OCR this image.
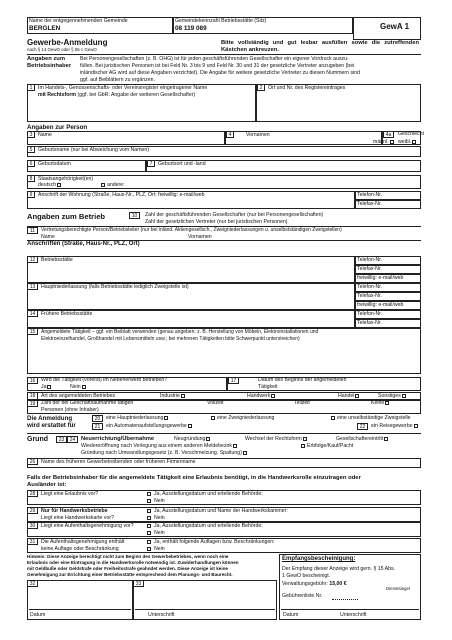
Name der entgegennehmenden Gemeinde
BERGLEN
Gemeindekennzahl Betriebsstätte (Sitz)
08 119 089	GewA 1
Gewerbe-Anmeldung
nach § 14 GewO oder § 55 c GewO
Bitte vollständig und gut lesbar ausfüllen sowie die zutreffenden Kästchen ankreuzen.
Angaben zum
Betriebsinhaber
Bei Personengesellschaften (z. B. OHG) ist für jeden geschäftsführenden Gesellschafter ein eigener Vordruck auszu-
füllen. Bei juristischen Personen ist bei Feld Nr. 3 bis 9 und Feld Nr. 30 und 31 der gesetzliche Vertreter anzugeben (bei
inländischer AG wird auf diese Angaben verzichtet). Die Angabe für weitere gesetzliche Vertreter zu diesen Nummern sind
ggf. auf Beiblättern zu ergänzen.
1	Im Handels-, Genossenschafts- oder Vereinsregister eingetragener Name
mit Rechtsform (ggf. bei GbR: Angabe der weiteren Gesellschafter)
2	Ort und Nr. des Registereintrages
Angaben zur Person
3	Name	4	Vornamen	4a	Geschlecht
männl.	weibl.
5	Geburtsname (nur bei Abweichung vom Namen)
6	Geburtsdatum	7	Geburtsort und -land
8	Staatsangehörigkeit(en)
deutsch	andere:
9	Anschrift der Wohnung (Straße, Haus-Nr., PLZ, Ort; freiwillig: e-mail/web	Telefon-Nr.
Telefax-Nr.
Angaben zum Betrieb	10	Zahl der geschäftsführenden Gesellschafter (nur bei Personengesellschaften)
Zahl der gesetzlichen Vertreter (nur bei juristischen Personen)
11	Vertretungsberechtigte Person/Betriebsleiter (nur bei inländ. Aktiengesellsch., Zweigniederlassungen u. unselbstständigen Zweigstellen)
Name	Vornamen
Anschriften (Straße, Haus-Nr., PLZ, Ort)
12	Betriebsstätte	Telefon-Nr.
Telefax-Nr.
freiwillig: e-mail/web
13	Hauptniederlassung (falls Betriebsstätte lediglich Zweigstelle ist)	Telefon-Nr.
Telefax-Nr.
freiwillig: e-mail/web
14	Frühere Betriebsstätte	Telefon-Nr.
Telefax-Nr.
15	Angemeldete Tätigkeit – ggf. ein Beiblatt verwenden (genau angeben: z. B. Herstellung von Möbeln, Elektroinstallationen und
Elektroeinzelhandel, Großhandel mit Lebensmitteln usw.; bei mehreren Tätigkeiten bitte Schwerpunkt unterstreichen)
16	Wird die Tätigkeit (vorerst) im Nebenerwerb betrieben?
Ja	Nein
17	Datum des Beginns der angemeldeten
Tätigkeit
18	Art des angemeldeten Betriebes	Industrie	Handwerk	Handel	Sonstiges
19	Zahl der bei Geschäftsaufnahme tätigen
Personen (ohne Inhaber)
Vollzeit	Teilzeit	Keine
Die Anmeldung
wird erstattet für
20	eine Hauptniederlassung	eine Zweigniederlassung	eine unselbständige Zweigstelle
21	ein Automatenaufstellungsgewerbe	22	ein Reisegewerbe
Grund	23	24 Neuerrichtung/Übernahme	Neugründung	Wechsel der Rechtsform	Gesellschaftereintritt
Wiedereröffnung nach Verlegung aus einem anderen Meldebezirk	Erbfolge/Kauf/Pacht
Gründung nach Umwandlungsgesetz (z. B. Verschmelzung, Spaltung)
26	Name des früheren Gewerbetreibenden oder früheren Firmenname
Falls der Betriebsinhaber für die angemeldete Tätigkeit eine Erlaubnis benötigt, in die Handwerksrolle einzutragen oder
Ausländer ist:
28	Liegt eine Erlaubnis vor?	Ja, Ausstellungsdatum und erteilende Behörde:
Nein
29	Nur für Handwerksbetriebe
Liegt eine Handwerkskarte vor?
Ja, Ausstellungsdatum und Name der Handwerkskammer:
Nein
30	Liegt eine Aufenthaltsgenehmigung vor?	Ja, Ausstellungsdatum und erteilende Behörde:
Nein
31	Die Aufenthaltsgenehmigung enthält
keine Auflage oder Beschränkung
Ja, enthält folgende Auflagen bzw. Beschränkungen:
Nein
Hinweis: Diese Anzeige berechtigt nicht zum Beginn des Gewerbebetriebes, wenn noch eine
Erlaubnis oder eine Eintragung in die Handwerksrolle notwendig ist. Zuwiderhandlungen können
mit Geldbuße oder Geldstrafe oder Freiheitsstrafe geahndet werden. Diese Anzeige ist keine
Genehmigung zur Errichtung einer Betriebsstätte entsprechend dem Planungs- und Baurecht.
32
Datum
33
Unterschrift
Empfangsbescheinigung:
Der Empfang dieser Anzeige wird gem. § 15 Abs.
1 GewO bescheinigt.
Verwaltungsgebühr: 15,00 €
Dienstsiegel
Gebührenliste Nr.
Datum	Unterschrift
